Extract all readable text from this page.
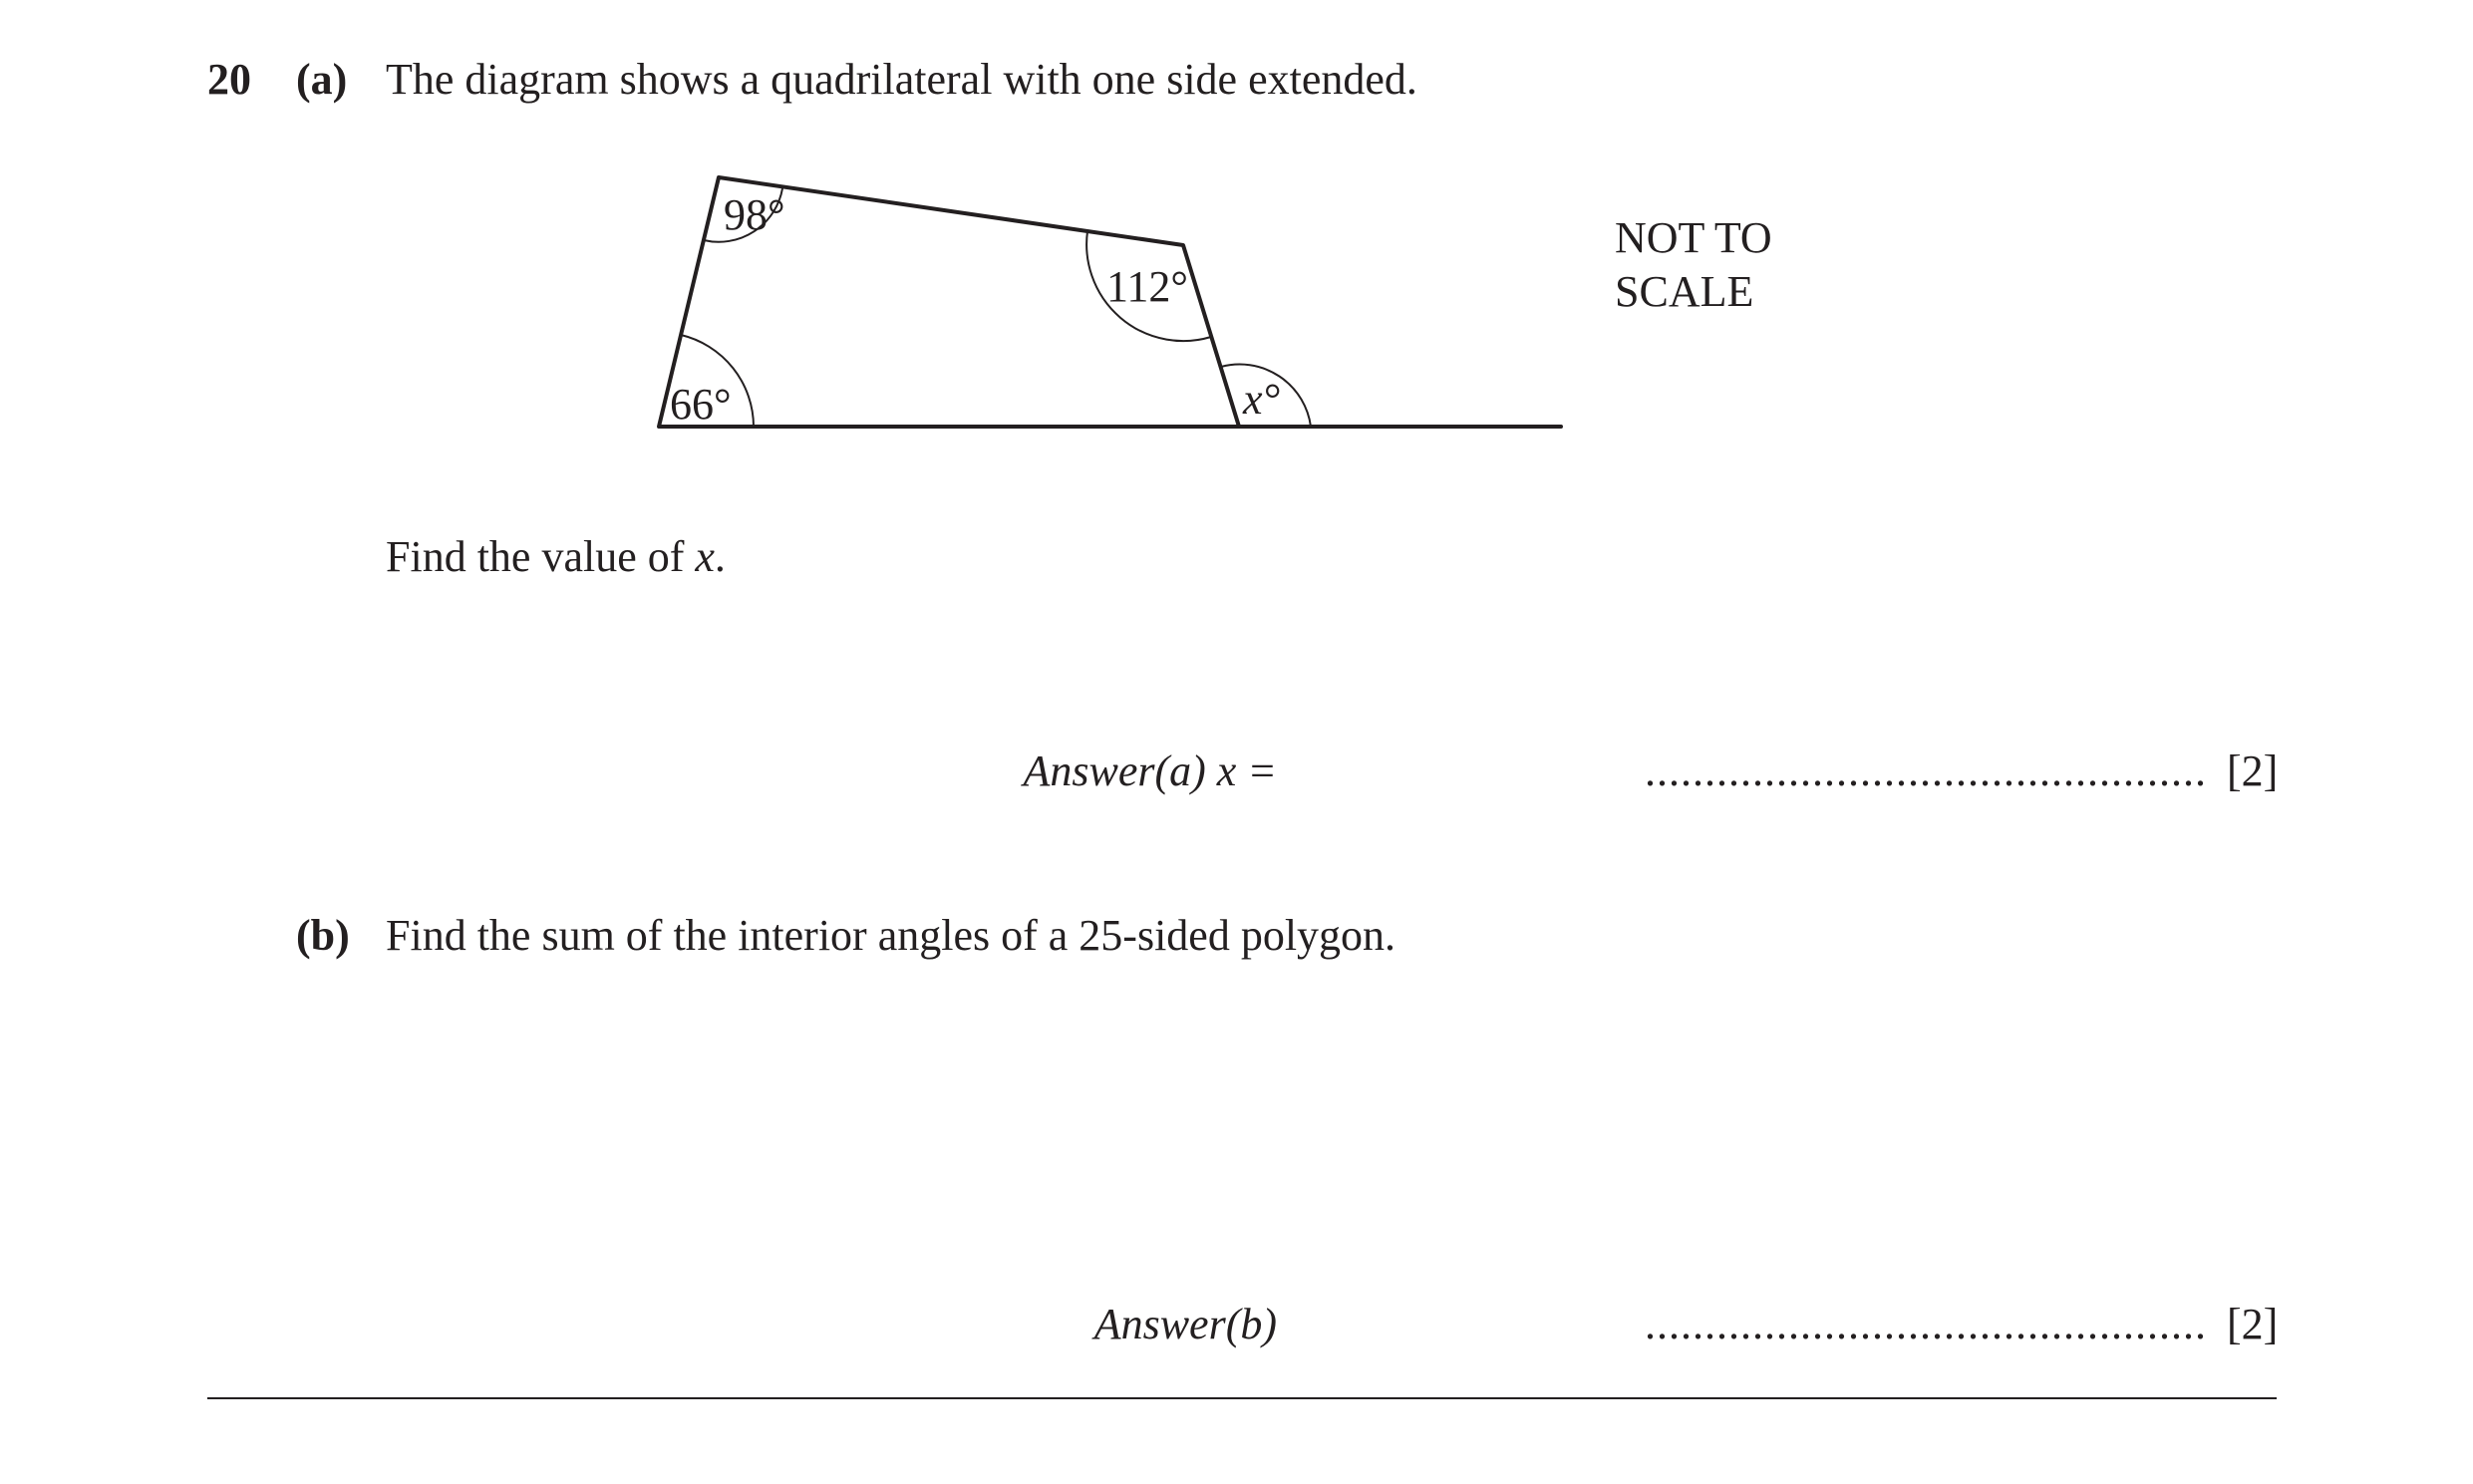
20 (a) The diagram shows a quadrilateral with one side extended.
98°
112°
66°	x°
NOT TO
SCALE
Find the value of x.
Answer(a) x =	............................................... [2]
(b) Find the sum of the interior angles of a 25-sided polygon.
Answer(b)	............................................... [2]
